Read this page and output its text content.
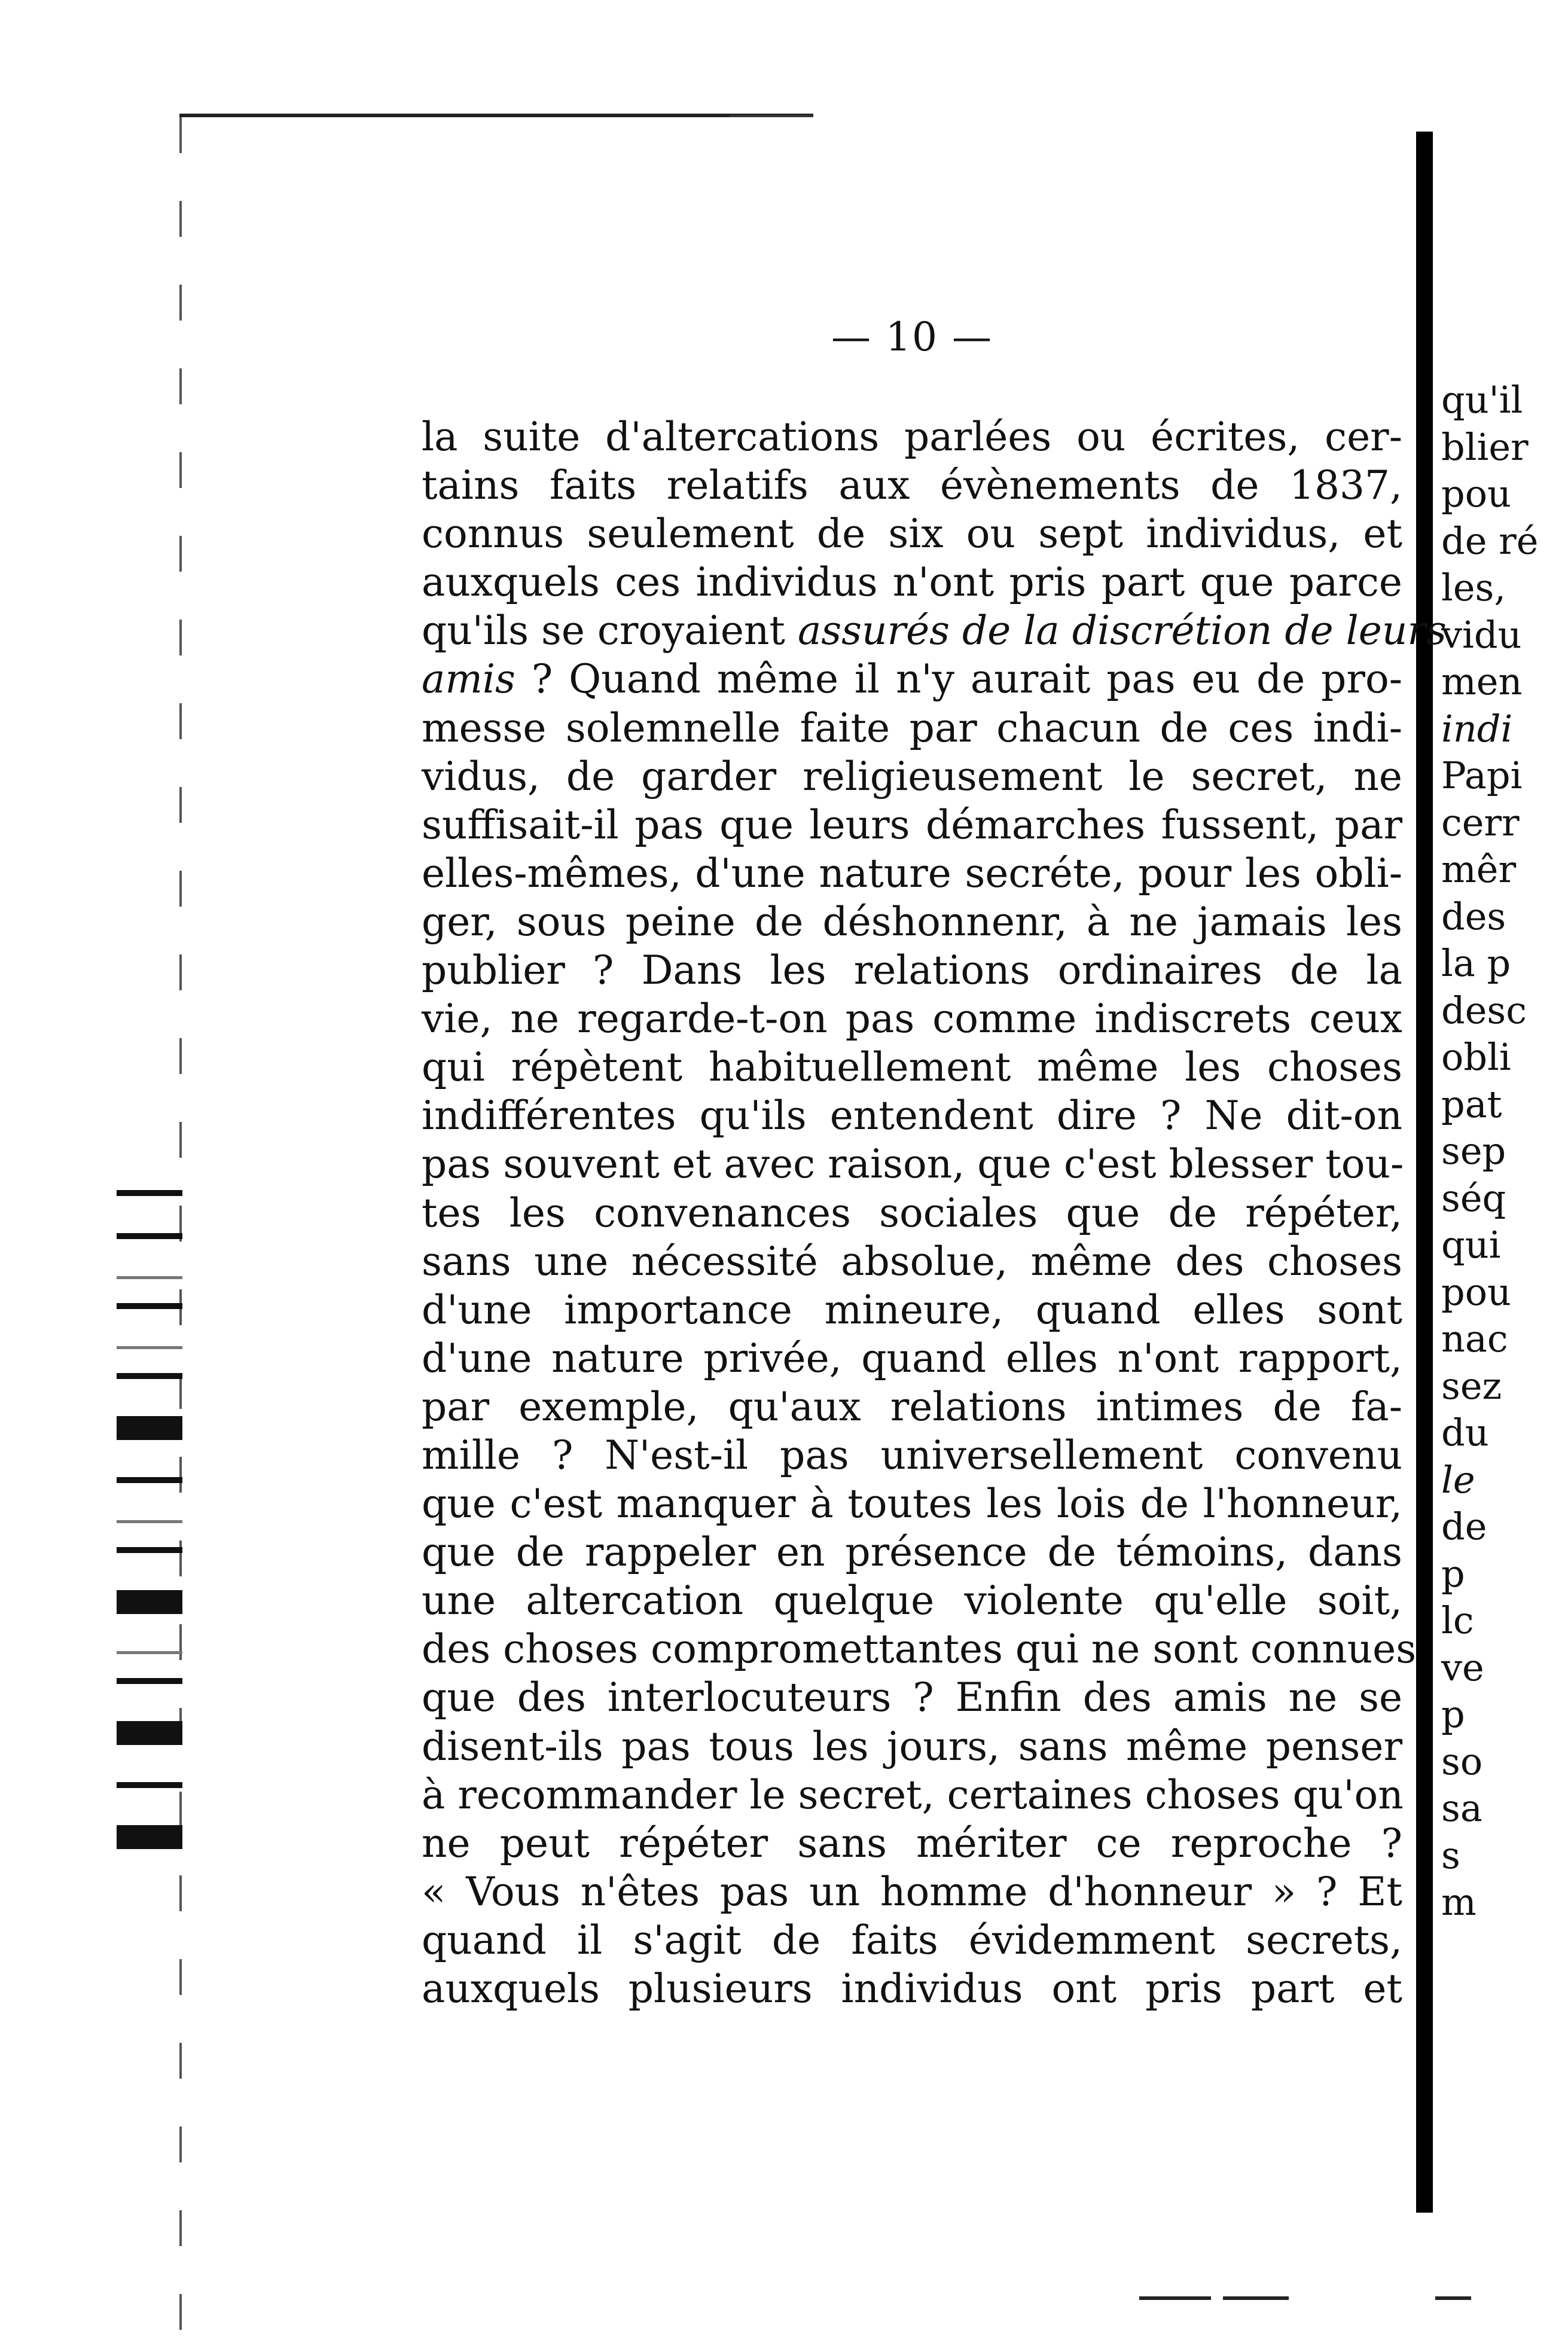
— 10 —
la suite d'altercations parlées ou écrites, cer-
tains faits relatifs aux évènements de 1837,
connus seulement de six ou sept individus, et
auxquels ces individus n'ont pris part que parce
qu'ils se croyaient assurés de la discrétion de leurs
amis ? Quand même il n'y aurait pas eu de pro-
messe solemnelle faite par chacun de ces indi-
vidus, de garder religieusement le secret, ne
suffisait-il pas que leurs démarches fussent, par
elles-mêmes, d'une nature secréte, pour les obli-
ger, sous peine de déshonnenr, à ne jamais les
publier ? Dans les relations ordinaires de la
vie, ne regarde-t-on pas comme indiscrets ceux
qui répètent habituellement même les choses
indifférentes qu'ils entendent dire ? Ne dit-on
pas souvent et avec raison, que c'est blesser tou-
tes les convenances sociales que de répéter,
sans une nécessité absolue, même des choses
d'une importance mineure, quand elles sont
d'une nature privée, quand elles n'ont rapport,
par exemple, qu'aux relations intimes de fa-
mille ? N'est-il pas universellement convenu
que c'est manquer à toutes les lois de l'honneur,
que de rappeler en présence de témoins, dans
une altercation quelque violente qu'elle soit,
des choses compromettantes qui ne sont connues
que des interlocuteurs ? Enfin des amis ne se
disent-ils pas tous les jours, sans même penser
à recommander le secret, certaines choses qu'on
ne peut répéter sans mériter ce reproche ?
« Vous n'êtes pas un homme d'honneur » ? Et
quand il s'agit de faits évidemment secrets,
auxquels plusieurs individus ont pris part et
qu'il
blier
pou
de ré
les,
vidu
men
indi
Papi
cerr
mêr
des
la p
desc
obli
pat
sep
séq
qui
pou
nac
sez
du
le
de
p
lc
ve
p
so
sa
s
m
